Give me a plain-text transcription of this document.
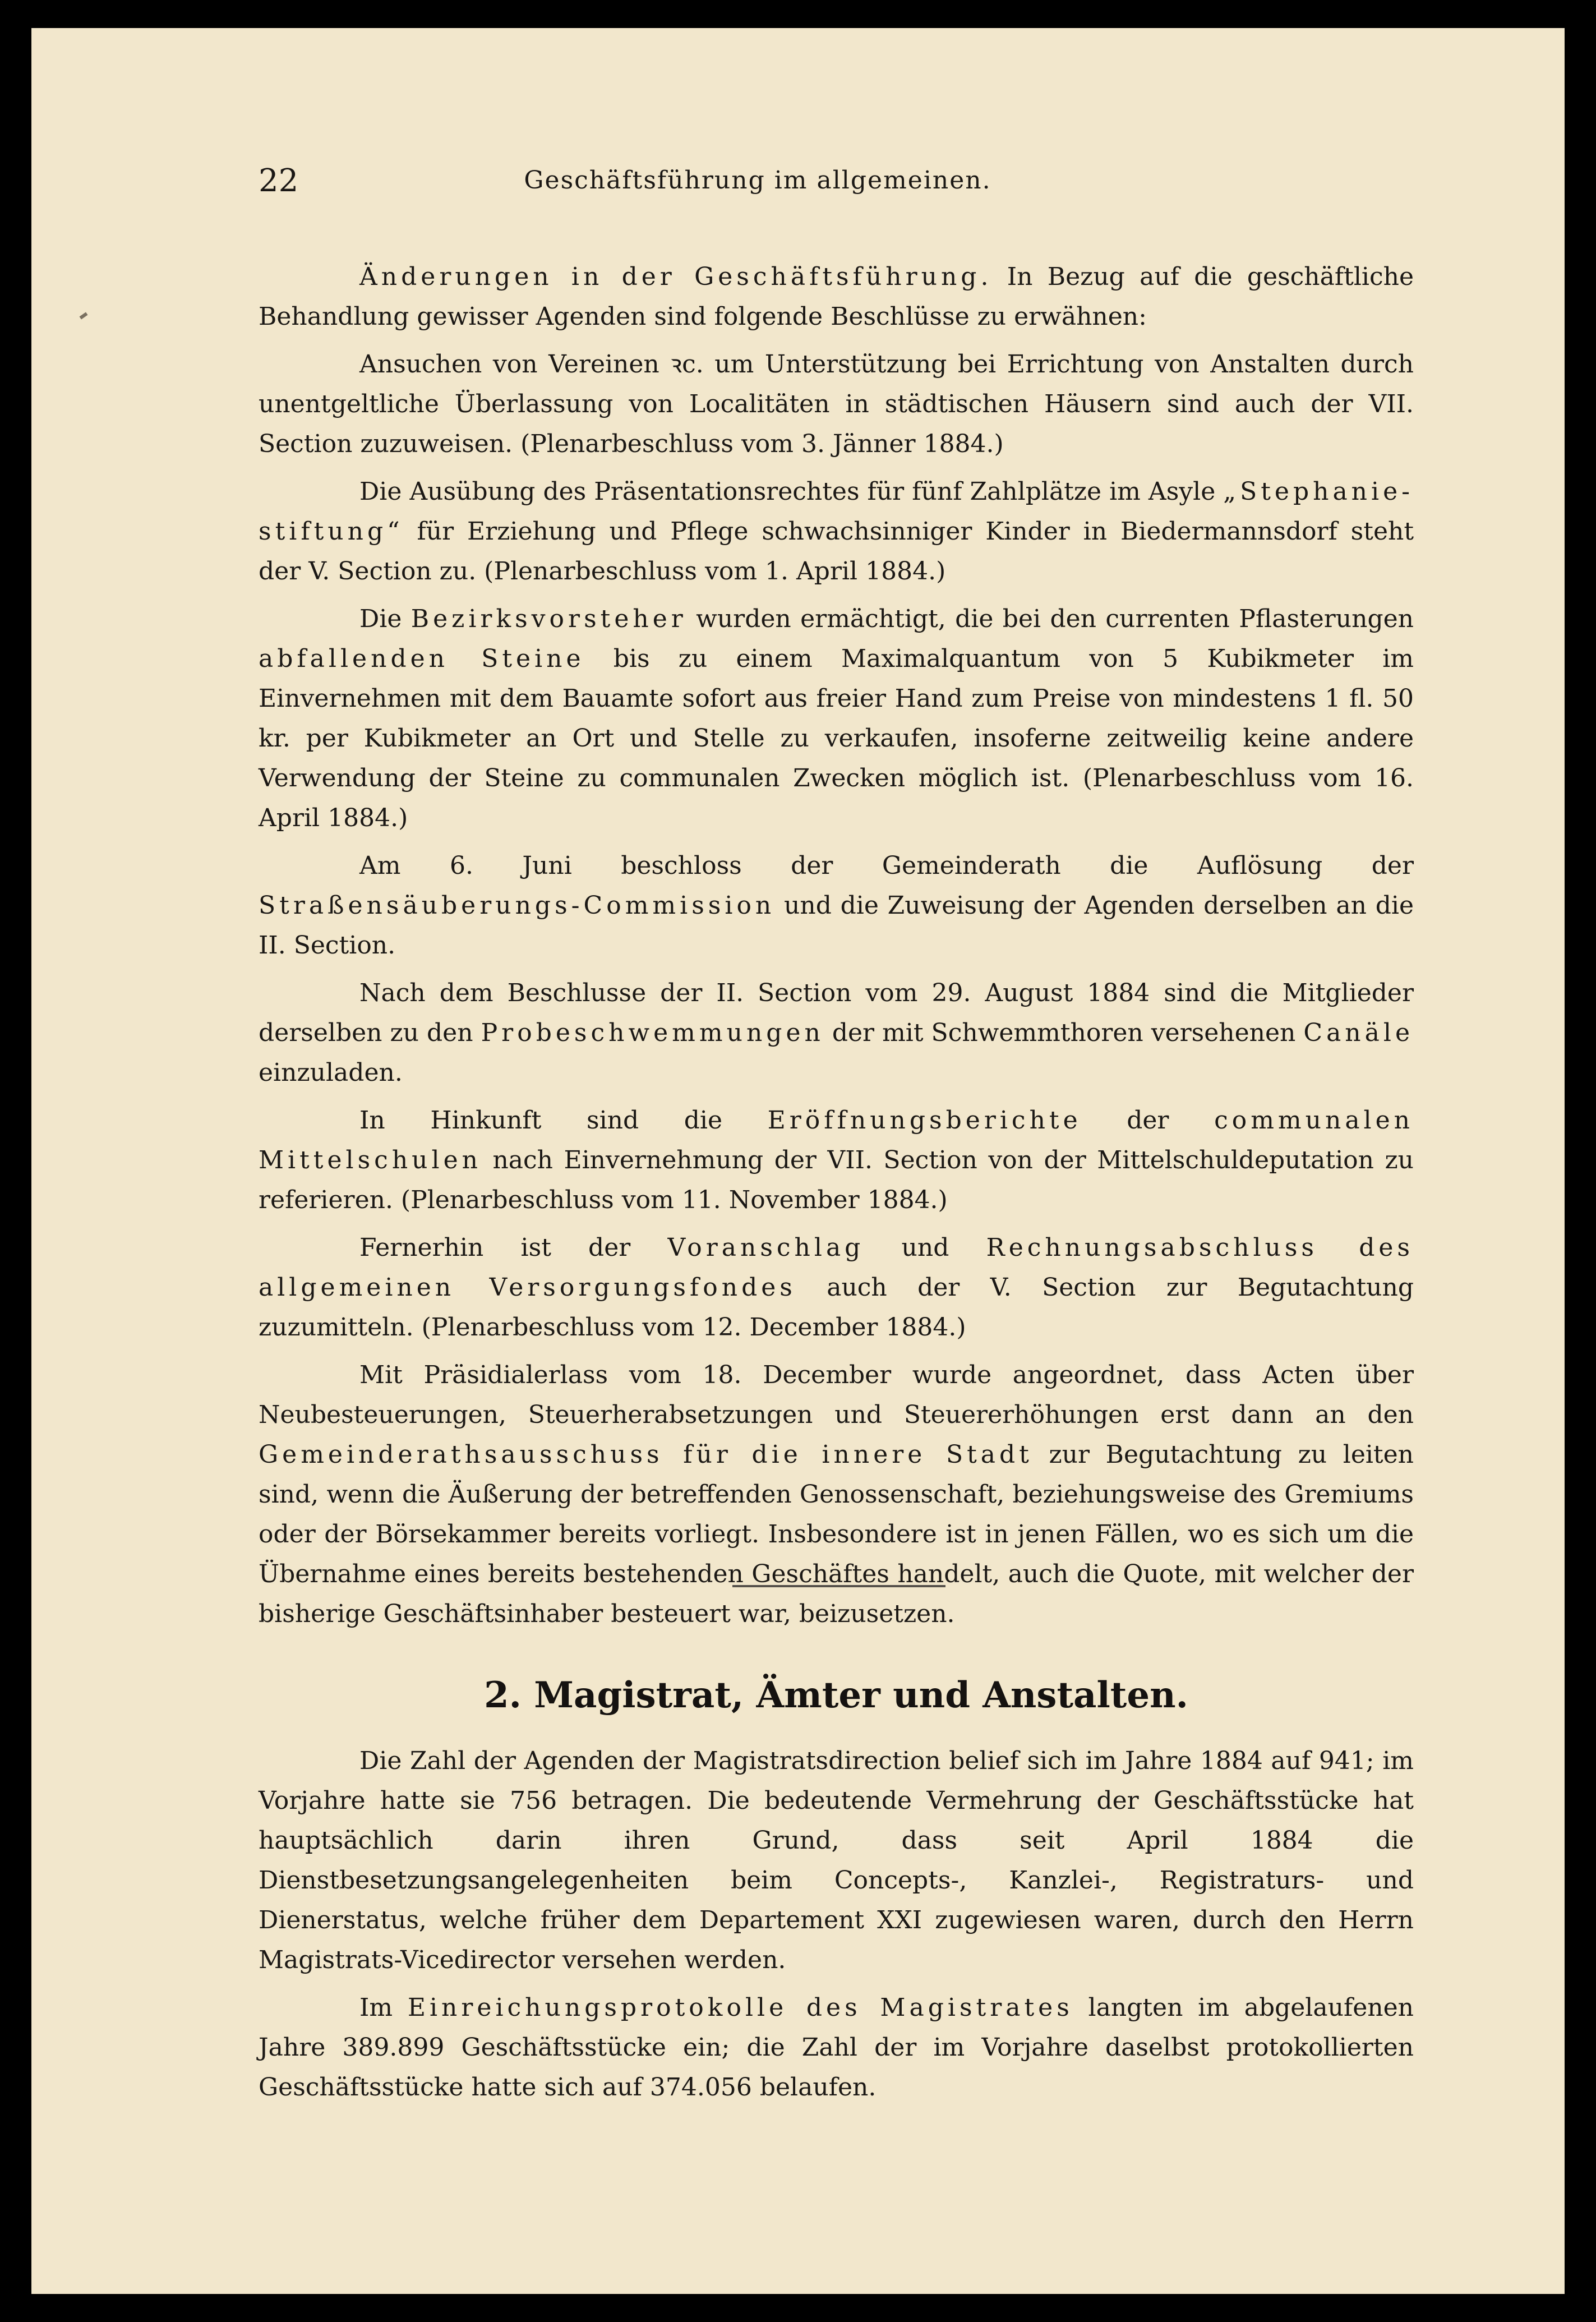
22	Geschäftsführung im allgemeinen.

Änderungen in der Geschäftsführung. In Bezug auf die geschäftliche Behandlung gewisser Agenden sind folgende Beschlüsse zu erwähnen:

Ansuchen von Vereinen ꝛc. um Unterstützung bei Errichtung von Anstalten durch unentgeltliche Überlassung von Localitäten in städtischen Häusern sind auch der VII. Section zuzuweisen. (Plenarbeschluss vom 3. Jänner 1884.)

Die Ausübung des Präsentationsrechtes für fünf Zahlplätze im Asyle „Stephanie-stiftung“ für Erziehung und Pflege schwachsinniger Kinder in Biedermannsdorf steht der V. Section zu. (Plenarbeschluss vom 1. April 1884.)

Die Bezirksvorsteher wurden ermächtigt, die bei den currenten Pflasterungen abfallenden Steine bis zu einem Maximalquantum von 5 Kubikmeter im Einvernehmen mit dem Bauamte sofort aus freier Hand zum Preise von mindestens 1 fl. 50 kr. per Kubikmeter an Ort und Stelle zu verkaufen, insoferne zeitweilig keine andere Verwendung der Steine zu communalen Zwecken möglich ist. (Plenarbeschluss vom 16. April 1884.)

Am 6. Juni beschloss der Gemeinderath die Auflösung der Straßensäuberungs-Commission und die Zuweisung der Agenden derselben an die II. Section.

Nach dem Beschlusse der II. Section vom 29. August 1884 sind die Mitglieder derselben zu den Probeschwemmungen der mit Schwemmthoren versehenen Canäle einzuladen.

In Hinkunft sind die Eröffnungsberichte der communalen Mittelschulen nach Einvernehmung der VII. Section von der Mittelschuldeputation zu referieren. (Plenarbeschluss vom 11. November 1884.)

Fernerhin ist der Voranschlag und Rechnungsabschluss des allgemeinen Versorgungsfondes auch der V. Section zur Begutachtung zuzumitteln. (Plenarbeschluss vom 12. December 1884.)

Mit Präsidialerlass vom 18. December wurde angeordnet, dass Acten über Neubesteuerungen, Steuerherabsetzungen und Steuererhöhungen erst dann an den Gemeinderathsausschuss für die innere Stadt zur Begutachtung zu leiten sind, wenn die Äußerung der betreffenden Genossenschaft, beziehungsweise des Gremiums oder der Börsekammer bereits vorliegt. Insbesondere ist in jenen Fällen, wo es sich um die Übernahme eines bereits bestehenden Geschäftes handelt, auch die Quote, mit welcher der bisherige Geschäftsinhaber besteuert war, beizusetzen.

2. Magistrat, Ämter und Anstalten.

Die Zahl der Agenden der Magistratsdirection belief sich im Jahre 1884 auf 941; im Vorjahre hatte sie 756 betragen. Die bedeutende Vermehrung der Geschäftsstücke hat hauptsächlich darin ihren Grund, dass seit April 1884 die Dienstbesetzungsangelegenheiten beim Concepts-, Kanzlei-, Registraturs- und Dienerstatus, welche früher dem Departement XXI zugewiesen waren, durch den Herrn Magistrats-Vicedirector versehen werden.

Im Einreichungsprotokolle des Magistrates langten im abgelaufenen Jahre 389.899 Geschäftsstücke ein; die Zahl der im Vorjahre daselbst protokollierten Geschäftsstücke hatte sich auf 374.056 belaufen.
